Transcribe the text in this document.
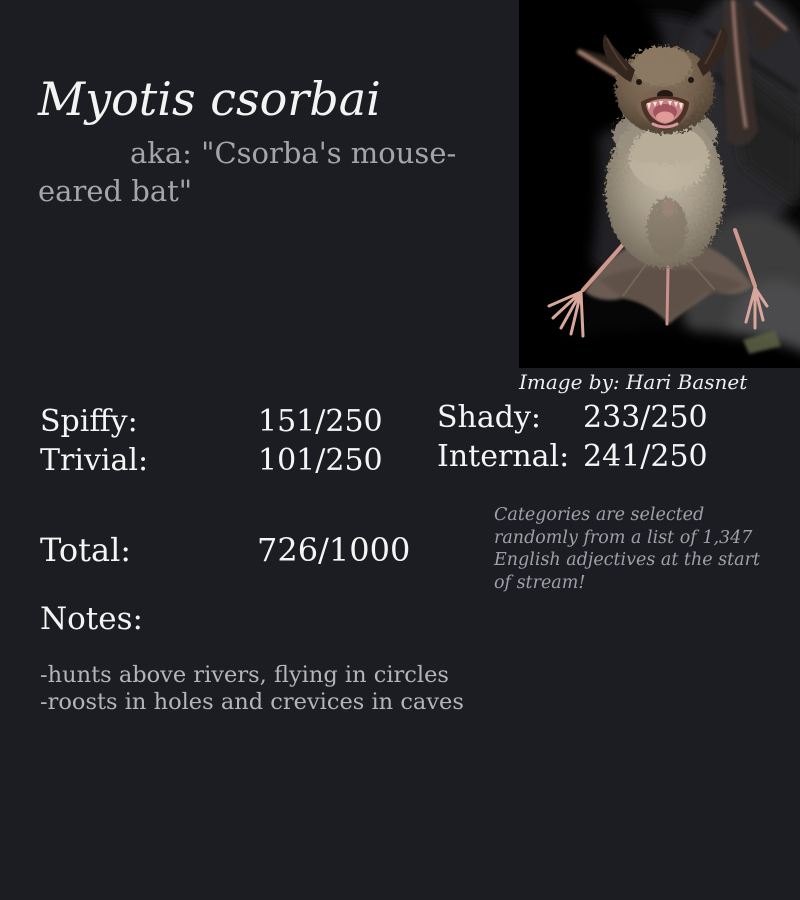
Myotis csorbai
aka: "Csorba's mouse-
eared bat"
Image by: Hari Basnet
Spiffy:	151/250
Trivial:	101/250
Shady: 233/250
Internal: 241/250
Total:	726/1000
Categories are selected randomly from a list of 1,347 English adjectives at the start of stream!
Notes:
-hunts above rivers, flying in circles
-roosts in holes and crevices in caves
